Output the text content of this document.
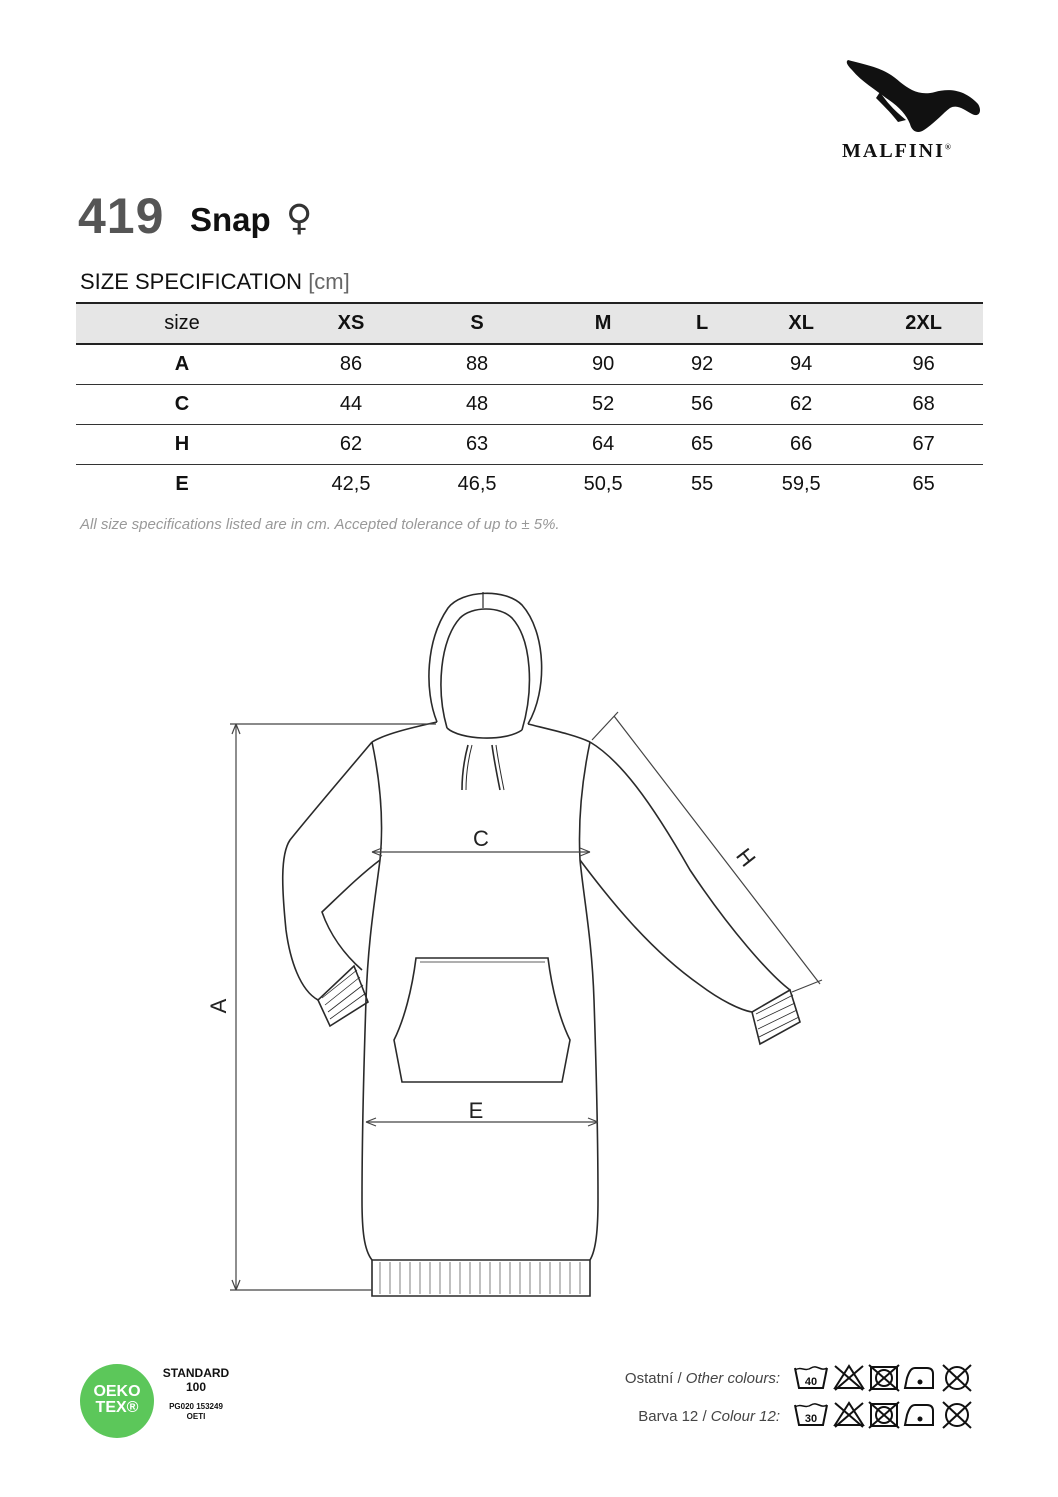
MALFINI®
419 Snap ♀
SIZE SPECIFICATION [cm]
size	XS	S	M	L	XL	2XL
A	86	88	90	92	94	96
C	44	48	52	56	62	68
H	62	63	64	65	66	67
E	42,5	46,5	50,5	55	59,5	65
All size specifications listed are in cm. Accepted tolerance of up to ± 5%.
A
C
E
H
OEKO
TEX®
STANDARD
100
PG020 153249
OETI
Ostatní / Other colours:
Barva 12 / Colour 12:
40
30
